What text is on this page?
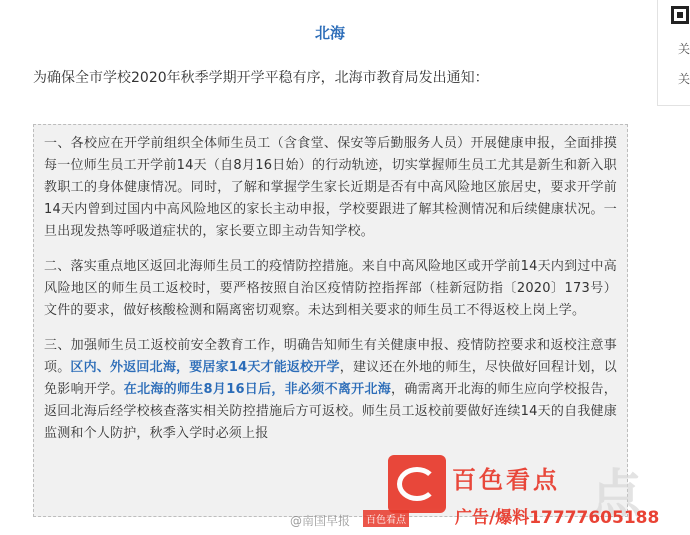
关
关
北海
为确保全市学校2020年秋季学期开学平稳有序，北海市教育局发出通知：

一、各校应在开学前组织全体师生员工（含食堂、保安等后勤服务人员）开展健康申报，全面排摸每一位师生员工开学前14天（自8月16日始）的行动轨迹，切实掌握师生员工尤其是新生和新入职教职工的身体健康情况。同时，了解和掌握学生家长近期是否有中高风险地区旅居史，要求开学前14天内曾到过国内中高风险地区的家长主动申报，学校要跟进了解其检测情况和后续健康状况。一旦出现发热等呼吸道症状的，家长要立即主动告知学校。

二、落实重点地区返回北海师生员工的疫情防控措施。来自中高风险地区或开学前14天内到过中高风险地区的师生员工返校时，要严格按照自治区疫情防控指挥部（桂新冠防指〔2020〕173号）文件的要求，做好核酸检测和隔离密切观察。未达到相关要求的师生员工不得返校上岗上学。

三、加强师生员工返校前安全教育工作，明确告知师生有关健康申报、疫情防控要求和返校注意事项。区内、外返回北海，要居家14天才能返校开学，建议还在外地的师生，尽快做好回程计划，以免影响开学。在北海的师生8月16日后，非必须不离开北海，确需离开北海的师生应向学校报告，返回北海后经学校核查落实相关防控措施后方可返校。师生员工返校前要做好连续14天的自我健康监测和个人防护，秋季入学时必须上报

点
百色看点
@南国早报	百色看点	广告/爆料17777605188
